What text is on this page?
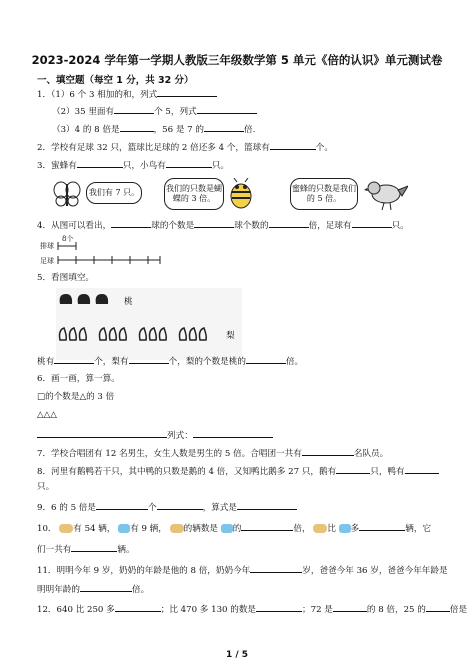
2023-2024 学年第一学期人教版三年级数学第 5 单元《倍的认识》单元测试卷
一、填空题（每空 1 分，共 32 分）
1．（1）6 个 3 相加的和，列式
（2）35 里面有	个 5，列式
（3）4 的 8 倍是	，56 是 7 的	倍.
2．学校有足球 32 只，篮球比足球的 2 倍还多 4 个，篮球有	个。
3．蜜蜂有	只，小鸟有	只。
我们有 7 只。	我们的只数是蝴蝶的 3 倍。
蜜蜂的只数是我们的 5 倍。
4．从图可以看出，	球的个数是	球个数的	倍，足球有	只。
排球
足球
8个
5．看图填空。
桃
梨
桃有	个，梨有	个，梨的个数是桃的	倍。
6．画一画，算一算。
□的个数是△的 3 倍
△△△
列式：
7．学校合唱团有 12 名男生，女生人数是男生的 5 倍。合唱团一共有	名队员。
8．河里有鹅鸭若干只，其中鸭的只数是鹅的 4 倍，又知鸭比鹅多 27 只，鹅有	只，鸭有
只。
9．6 的 5 倍是	个	，算式是
10． 有 54 辆， 有 9 辆， 的辆数是 的	倍， 比 多	辆，它
们一共有	辆。
11．明明今年 9 岁，奶奶的年龄是他的 8 倍，奶奶今年	岁，爸爸今年 36 岁，爸爸今年年龄是
明明年龄的	倍。
12．640 比 250 多	；比 470 多 130 的数是	；72 是	的 8 倍，25 的	倍是
1 / 5
